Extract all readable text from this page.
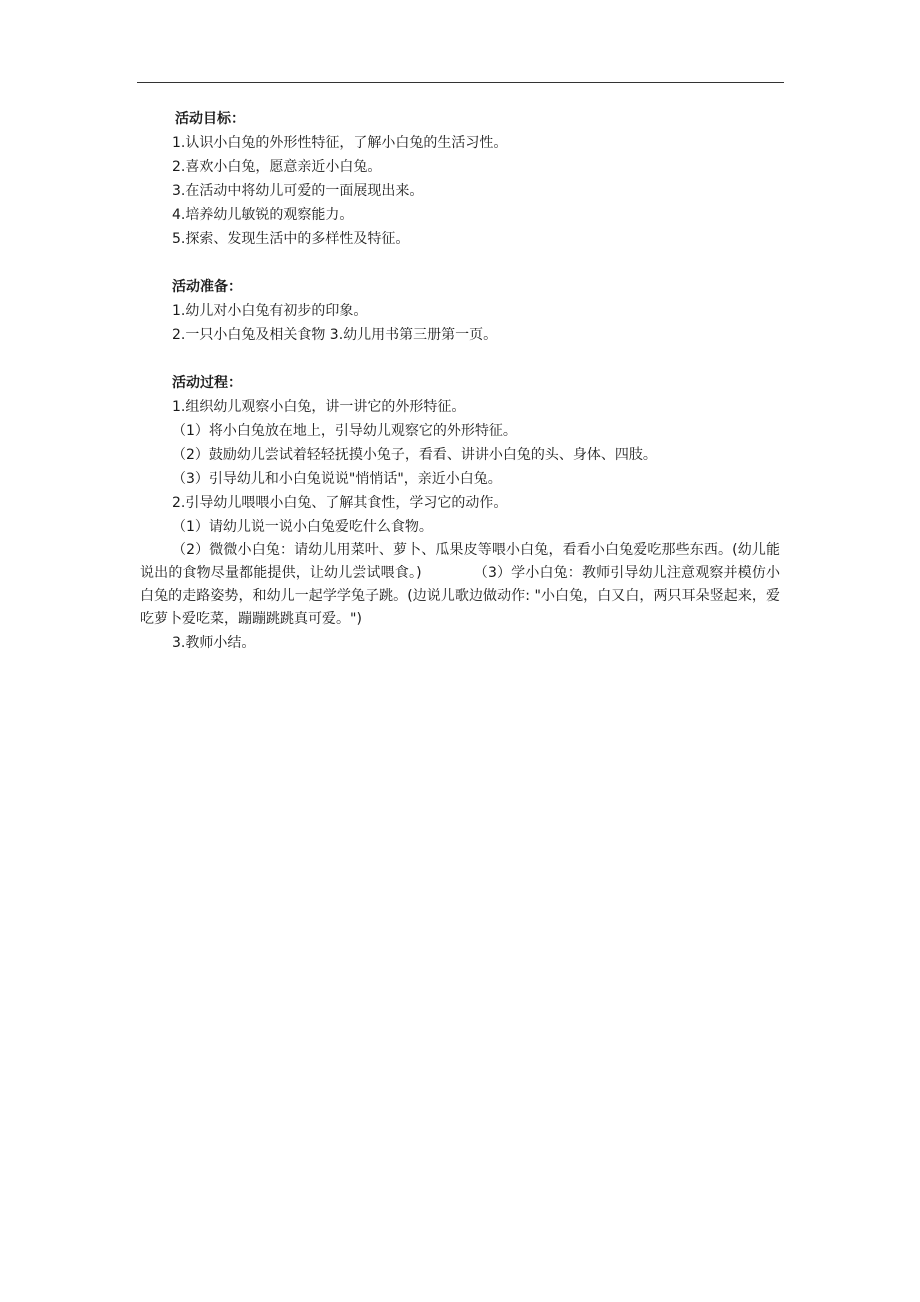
活动目标：
1.认识小白兔的外形性特征，了解小白兔的生活习性。
2.喜欢小白兔，愿意亲近小白兔。
3.在活动中将幼儿可爱的一面展现出来。
4.培养幼儿敏锐的观察能力。
5.探索、发现生活中的多样性及特征。
活动准备：
1.幼儿对小白兔有初步的印象。
2.一只小白兔及相关食物 3.幼儿用书第三册第一页。
活动过程：
1.组织幼儿观察小白兔，讲一讲它的外形特征。
（1）将小白兔放在地上，引导幼儿观察它的外形特征。
（2）鼓励幼儿尝试着轻轻抚摸小兔子，看看、讲讲小白兔的头、身体、四肢。
（3）引导幼儿和小白兔说说"悄悄话"，亲近小白兔。
2.引导幼儿喂喂小白兔、了解其食性，学习它的动作。
（1）请幼儿说一说小白兔爱吃什么食物。

（2）微微小白兔：请幼儿用菜叶、萝卜、瓜果皮等喂小白兔，看看小白兔爱吃那些东西。(幼儿能说出的食物尽量都能提供，让幼儿尝试喂食。)	（3）学小白兔：教师引导幼儿注意观察并模仿小白兔的走路姿势，和幼儿一起学学兔子跳。(边说儿歌边做动作: "小白兔，白又白，两只耳朵竖起来，爱吃萝卜爱吃菜，蹦蹦跳跳真可爱。")

3.教师小结。
